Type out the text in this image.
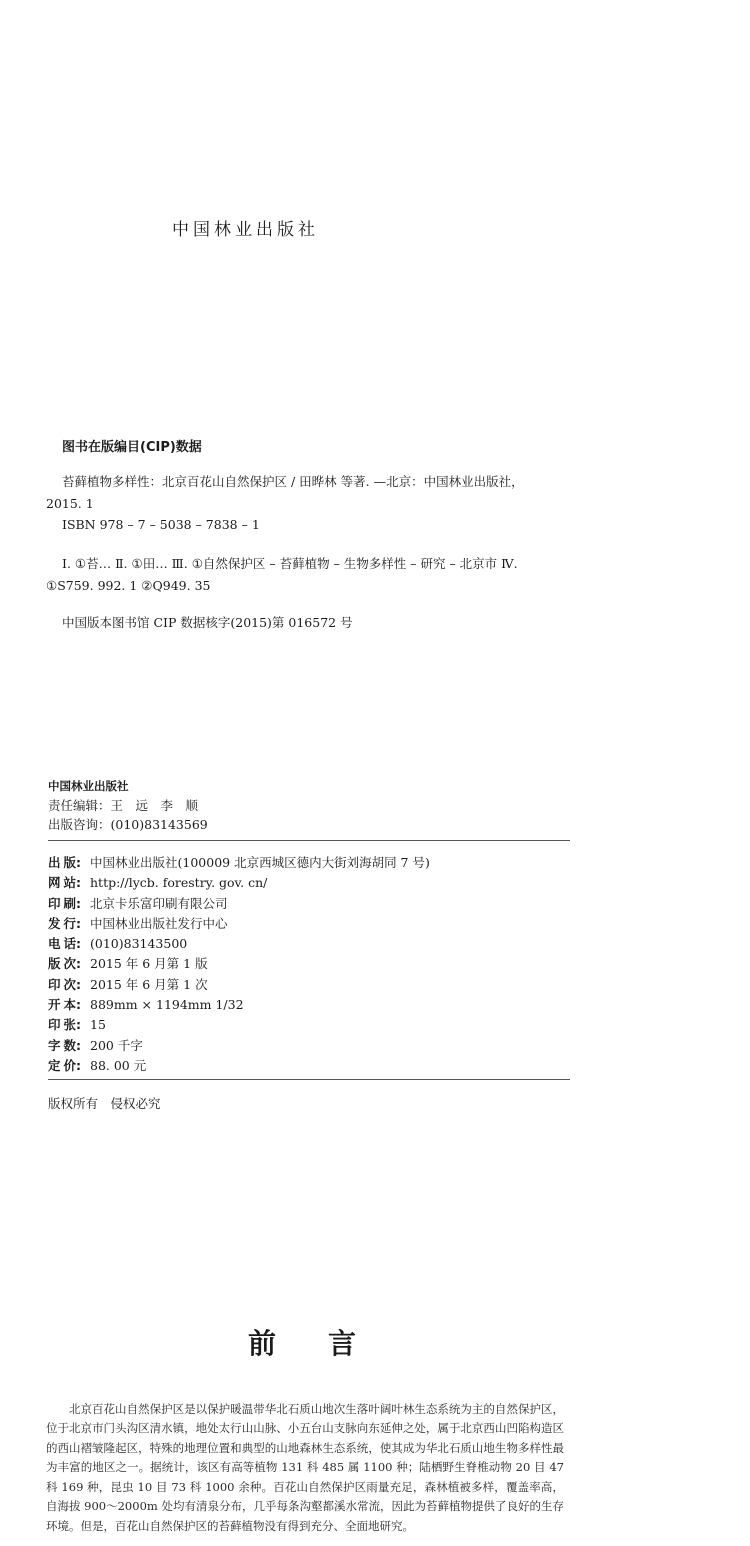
中国林业出版社
图书在版编目(CIP)数据
苔藓植物多样性：北京百花山自然保护区 / 田晔林 等著. —北京：中国林业出版社，
2015. 1
ISBN 978 – 7 – 5038 – 7838 – 1
Ⅰ. ①苔… Ⅱ. ①田… Ⅲ. ①自然保护区 – 苔藓植物 – 生物多样性 – 研究 – 北京市 Ⅳ.
①S759. 992. 1 ②Q949. 35
中国版本图书馆 CIP 数据核字(2015)第 016572 号
中国林业出版社
责任编辑：王　远　李　顺
出版咨询：(010)83143569
出版: 中国林业出版社(100009 北京西城区德内大街刘海胡同 7 号)
网站: http://lycb. forestry. gov. cn/
印刷: 北京卡乐富印刷有限公司
发行: 中国林业出版社发行中心
电话: (010)83143500
版次: 2015 年 6 月第 1 版
印次: 2015 年 6 月第 1 次
开本: 889mm × 1194mm 1/32
印张: 15
字数: 200 千字
定价: 88. 00 元
版权所有　侵权必究
前言

北京百花山自然保护区是以保护暖温带华北石质山地次生落叶阔叶林生态系统为主的自然保护区，位于北京市门头沟区清水镇，地处太行山山脉、小五台山支脉向东延伸之处，属于北京西山凹陷构造区的西山褶皱隆起区，特殊的地理位置和典型的山地森林生态系统，使其成为华北石质山地生物多样性最为丰富的地区之一。据统计，该区有高等植物 131 科 485 属 1100 种；陆栖野生脊椎动物 20 目 47 科 169 种，昆虫 10 目 73 科 1000 余种。百花山自然保护区雨量充足，森林植被多样，覆盖率高，自海拔 900～2000m 处均有清泉分布，几乎每条沟壑都溪水常流，因此为苔藓植物提供了良好的生存环境。但是，百花山自然保护区的苔藓植物没有得到充分、全面地研究。
